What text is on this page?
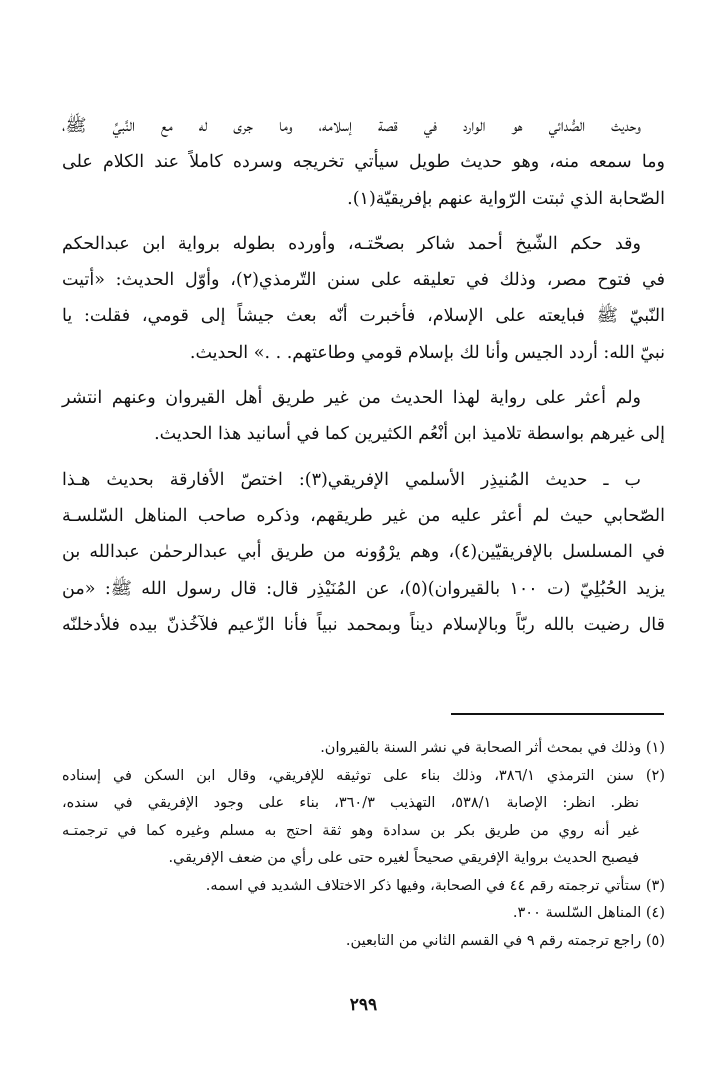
وحديث الصُّدائي هو الوارد في قصة إسلامه، وما جرى له مع النَّبيِّ ﷺ،
وما سمعه منه، وهو حديث طويل سيأتي تخريجه وسرده كاملاً عند الكلام على
الصّحابة الذي ثبتت الرّواية عنهم بإفريقيّة(١).

وقد حكم الشّيخ أحمد شاكر بصحّتـه، وأورده بطوله برواية ابن عبدالحكم
في فتوح مصر، وذلك في تعليقه على سنن التّرمذي(٢)، وأوّل الحديث: «أتيت
النّبيّ ﷺ فبايعته على الإسلام، فأخبرت أنّه بعث جيشاً إلى قومي، فقلت: يا
نبيّ الله: أردد الجيس وأنا لك بإسلام قومي وطاعتهم. . .» الحديث.

ولم أعثر على رواية لهذا الحديث من غير طريق أهل القيروان وعنهم انتشر
إلى غيرهم بواسطة تلاميذ ابن أنْعُم الكثيرين كما في أسانيد هذا الحديث.

ب ـ حديث المُنيذِر الأسلمي الإفريقي(٣): اختصّ الأفارقة بحديث هـذا
الصّحابي حيث لم أعثر عليه من غير طريقهم، وذكره صاحب المناهل السّلسـة
في المسلسل بالإفريقيّين(٤)، وهم يرْوُونه من طريق أبي عبدالرحمٰن عبدالله بن
يزيد الحُبُلِيّ (ت ١٠٠ بالقيروان)(٥)، عن المُنَيْذِر قال: قال رسول الله ﷺ: «من
قال رضيت بالله ربّاً وبالإسلام ديناً وبمحمد نبياً فأنا الزّعيم فلآخُذنّ بيده فلأدخلنّه

(١) وذلك في بمحث أثر الصحابة في نشر السنة بالقيروان.

(٢) سنن الترمذي ٣٨٦/١، وذلك بناء على توثيقه للإفريقي، وقال ابن السكن في إسناده
نظر. انظر: الإصابة ٥٣٨/١، التهذيب ٣٦٠/٣، بناء على وجود الإفريقي في سنده،
غير أنه روي من طريق بكر بن سدادة وهو ثقة احتج به مسلم وغيره كما في ترجمتـه
فيصبح الحديث برواية الإفريقي صحيحاً لغيره حتى على رأي من ضعف الإفريقي.

(٣) ستأتي ترجمته رقم ٤٤ في الصحابة، وفيها ذكر الاختلاف الشديد في اسمه.

(٤) المناهل السّلسة ٣٠٠.

(٥) راجع ترجمته رقم ٩ في القسم الثاني من التابعين.

٢٩٩
